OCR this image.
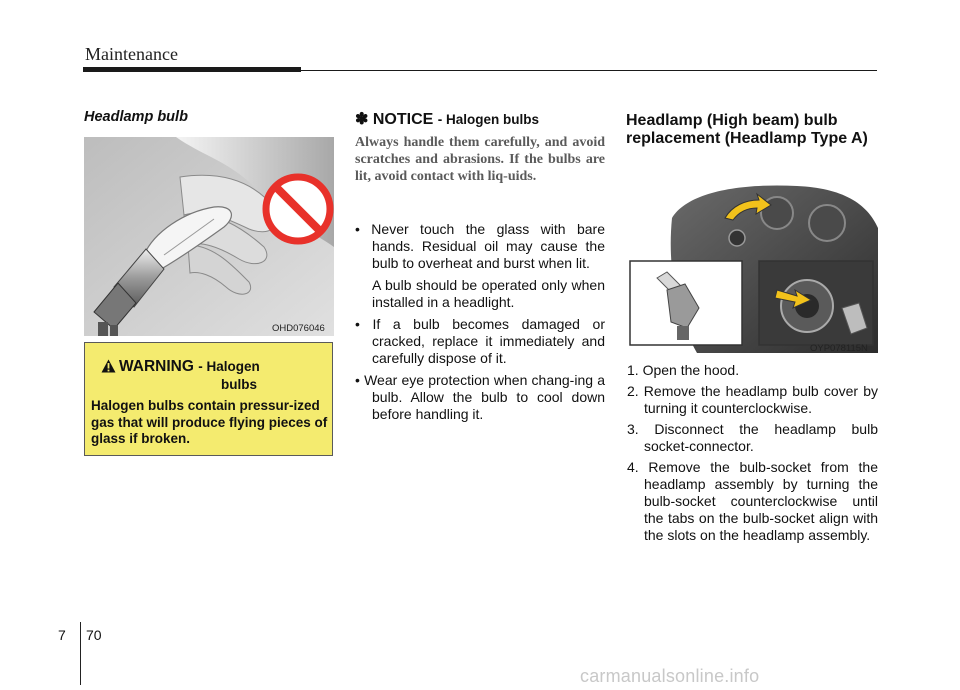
Maintenance
Headlamp bulb
OHD076046
WARNING - Halogen
bulbs
Halogen bulbs contain pressur-ized gas that will produce flying pieces of glass if broken.
✽ NOTICE - Halogen bulbs
Always handle them carefully, and avoid scratches and abrasions. If the bulbs are lit, avoid contact with liq-uids.

• Never touch the glass with bare hands. Residual oil may cause the bulb to overheat and burst when lit.

A bulb should be operated only when installed in a headlight.

• If a bulb becomes damaged or cracked, replace it immediately and carefully dispose of it.

• Wear eye protection when chang-ing a bulb. Allow the bulb to cool down before handling it.

Headlamp (High beam) bulb replacement (Headlamp Type A)
OYP078115N

1. Open the hood.

2. Remove the headlamp bulb cover by turning it counterclockwise.

3. Disconnect the headlamp bulb socket-connector.

4. Remove the bulb-socket from the headlamp assembly by turning the bulb-socket counterclockwise until the tabs on the bulb-socket align with the slots on the headlamp assembly.

7 70
carmanualsonline.info
